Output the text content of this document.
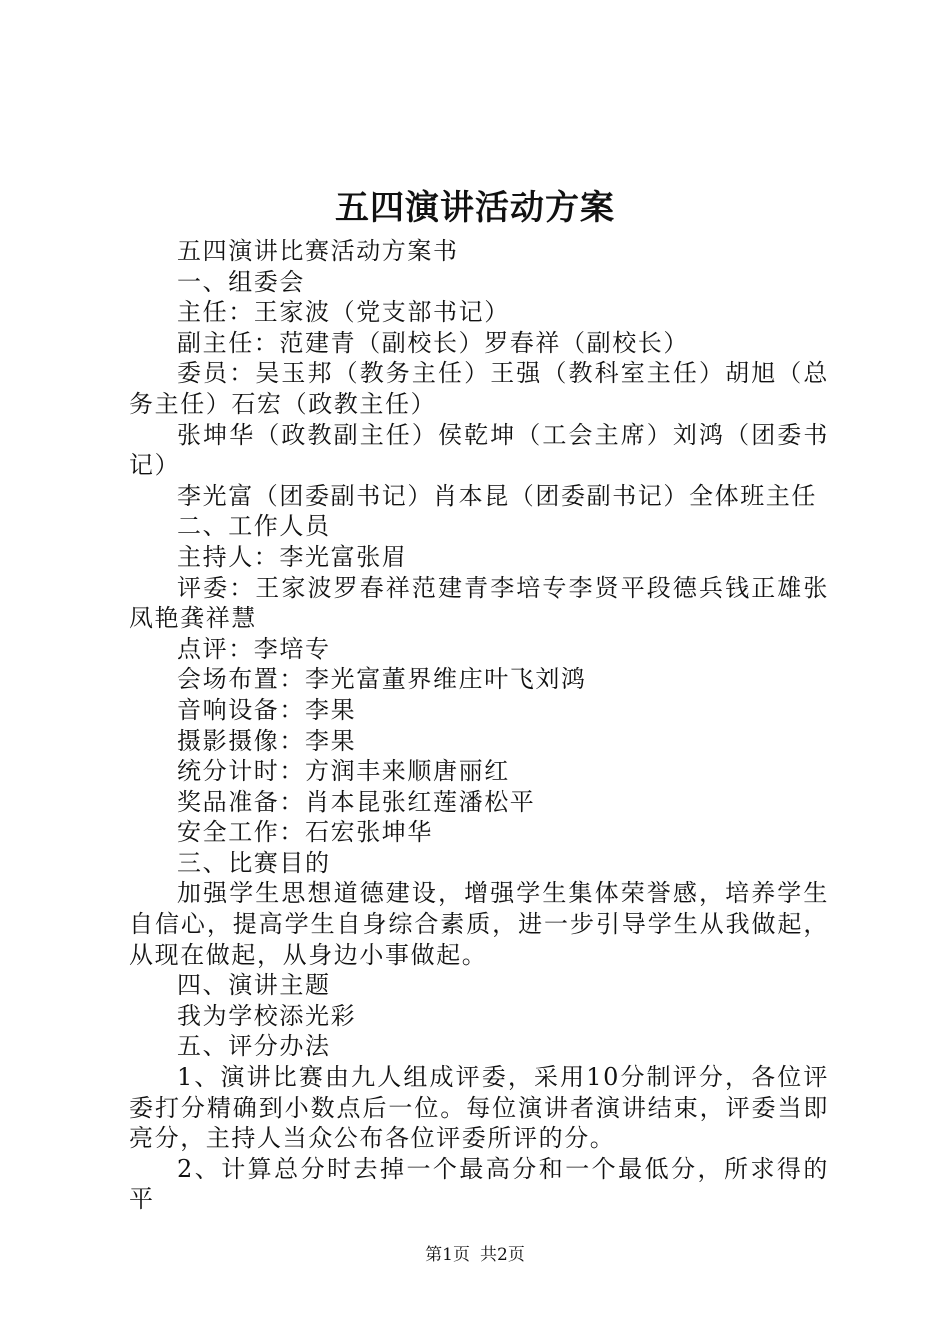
五四演讲活动方案

五四演讲比赛活动方案书

一、组委会

主任：王家波（党支部书记）

副主任：范建青（副校长）罗春祥（副校长）

委员：吴玉邦（教务主任）王强（教科室主任）胡旭（总务主任）石宏（政教主任）

张坤华（政教副主任）侯乾坤（工会主席）刘鸿（团委书记）

李光富（团委副书记）肖本昆（团委副书记）全体班主任

二、工作人员

主持人：李光富张眉

评委：王家波罗春祥范建青李培专李贤平段德兵钱正雄张凤艳龚祥慧

点评：李培专

会场布置：李光富董界维庄叶飞刘鸿

音响设备：李果

摄影摄像：李果

统分计时：方润丰来顺唐丽红

奖品准备：肖本昆张红莲潘松平

安全工作：石宏张坤华

三、比赛目的

加强学生思想道德建设，增强学生集体荣誉感，培养学生自信心，提高学生自身综合素质，进一步引导学生从我做起，从现在做起，从身边小事做起。

四、演讲主题

我为学校添光彩

五、评分办法

1、演讲比赛由九人组成评委，采用10分制评分，各位评委打分精确到小数点后一位。每位演讲者演讲结束，评委当即亮分，主持人当众公布各位评委所评的分。

2、计算总分时去掉一个最高分和一个最低分，所求得的平

第1页 共2页
